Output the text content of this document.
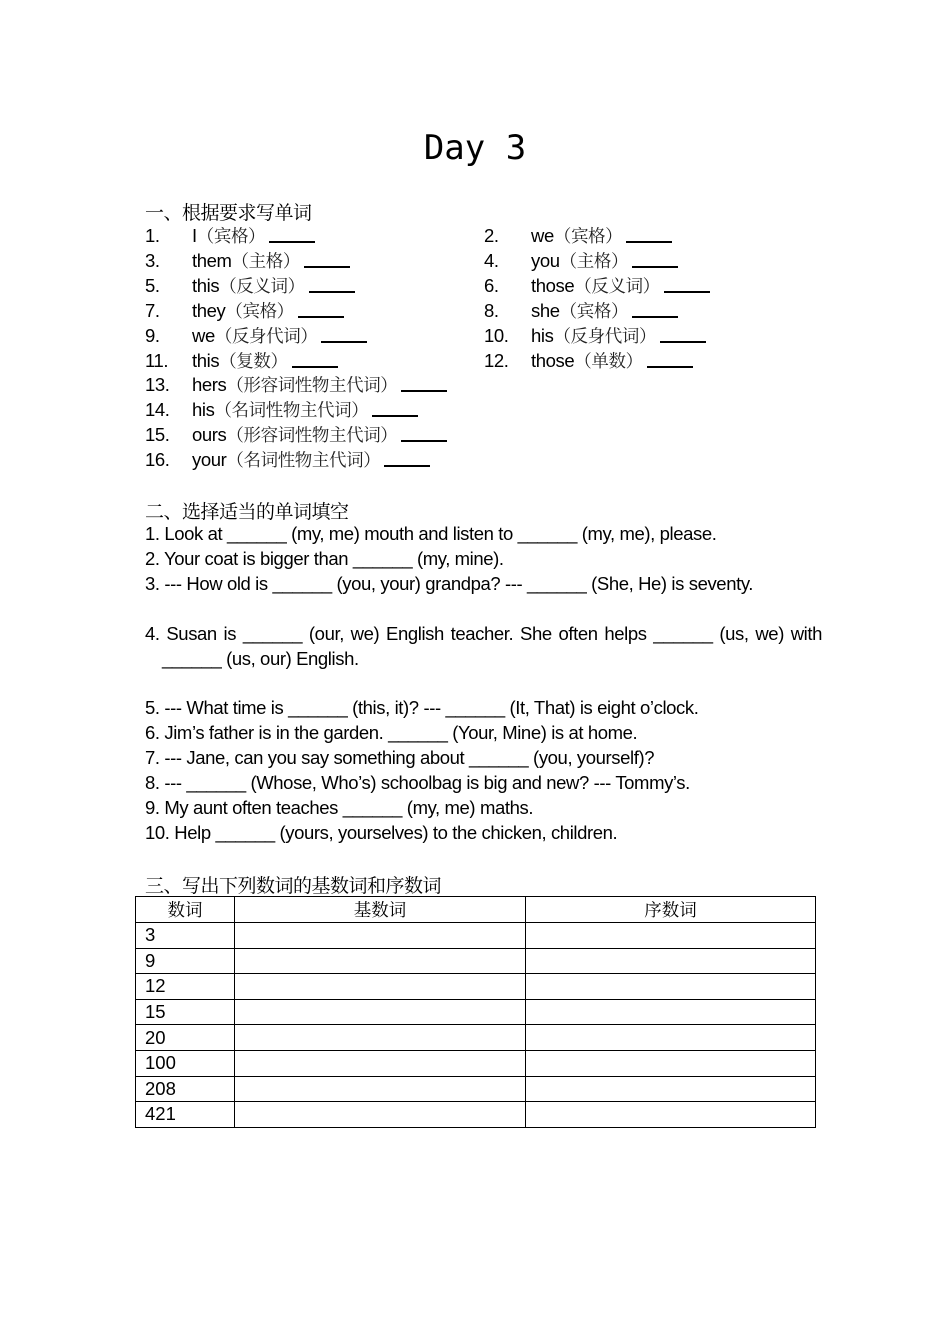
Day 3
一、根据要求写单词
1. I（宾格）	2. we（宾格）
3. them（主格）	4. you（主格）
5. this（反义词）	6. those（反义词）
7. they（宾格）	8. she（宾格）
9. we（反身代词）	10. his（反身代词）
11. this（复数）	12. those（单数）
13. hers（形容词性物主代词）
14. his（名词性物主代词）
15. ours（形容词性物主代词）
16. your（名词性物主代词）
二、选择适当的单词填空
1. Look at ______ (my, me) mouth and listen to ______ (my, me), please.
2. Your coat is bigger than ______ (my, mine).
3. --- How old is ______ (you, your) grandpa? --- ______ (She, He) is seventy.
4. Susan is ______ (our, we) English teacher. She often helps ______ (us, we) with ______ (us, our) English.
5. --- What time is ______ (this, it)? --- ______ (It, That) is eight o’clock.
6. Jim’s father is in the garden. ______ (Your, Mine) is at home.
7. --- Jane, can you say something about ______ (you, yourself)?
8. --- ______ (Whose, Who’s) schoolbag is big and new? --- Tommy’s.
9. My aunt often teaches ______ (my, me) maths.
10. Help ______ (yours, yourselves) to the chicken, children.
三、写出下列数词的基数词和序数词
数词	基数词	序数词
3		
9		
12		
15		
20		
100		
208		
421		
